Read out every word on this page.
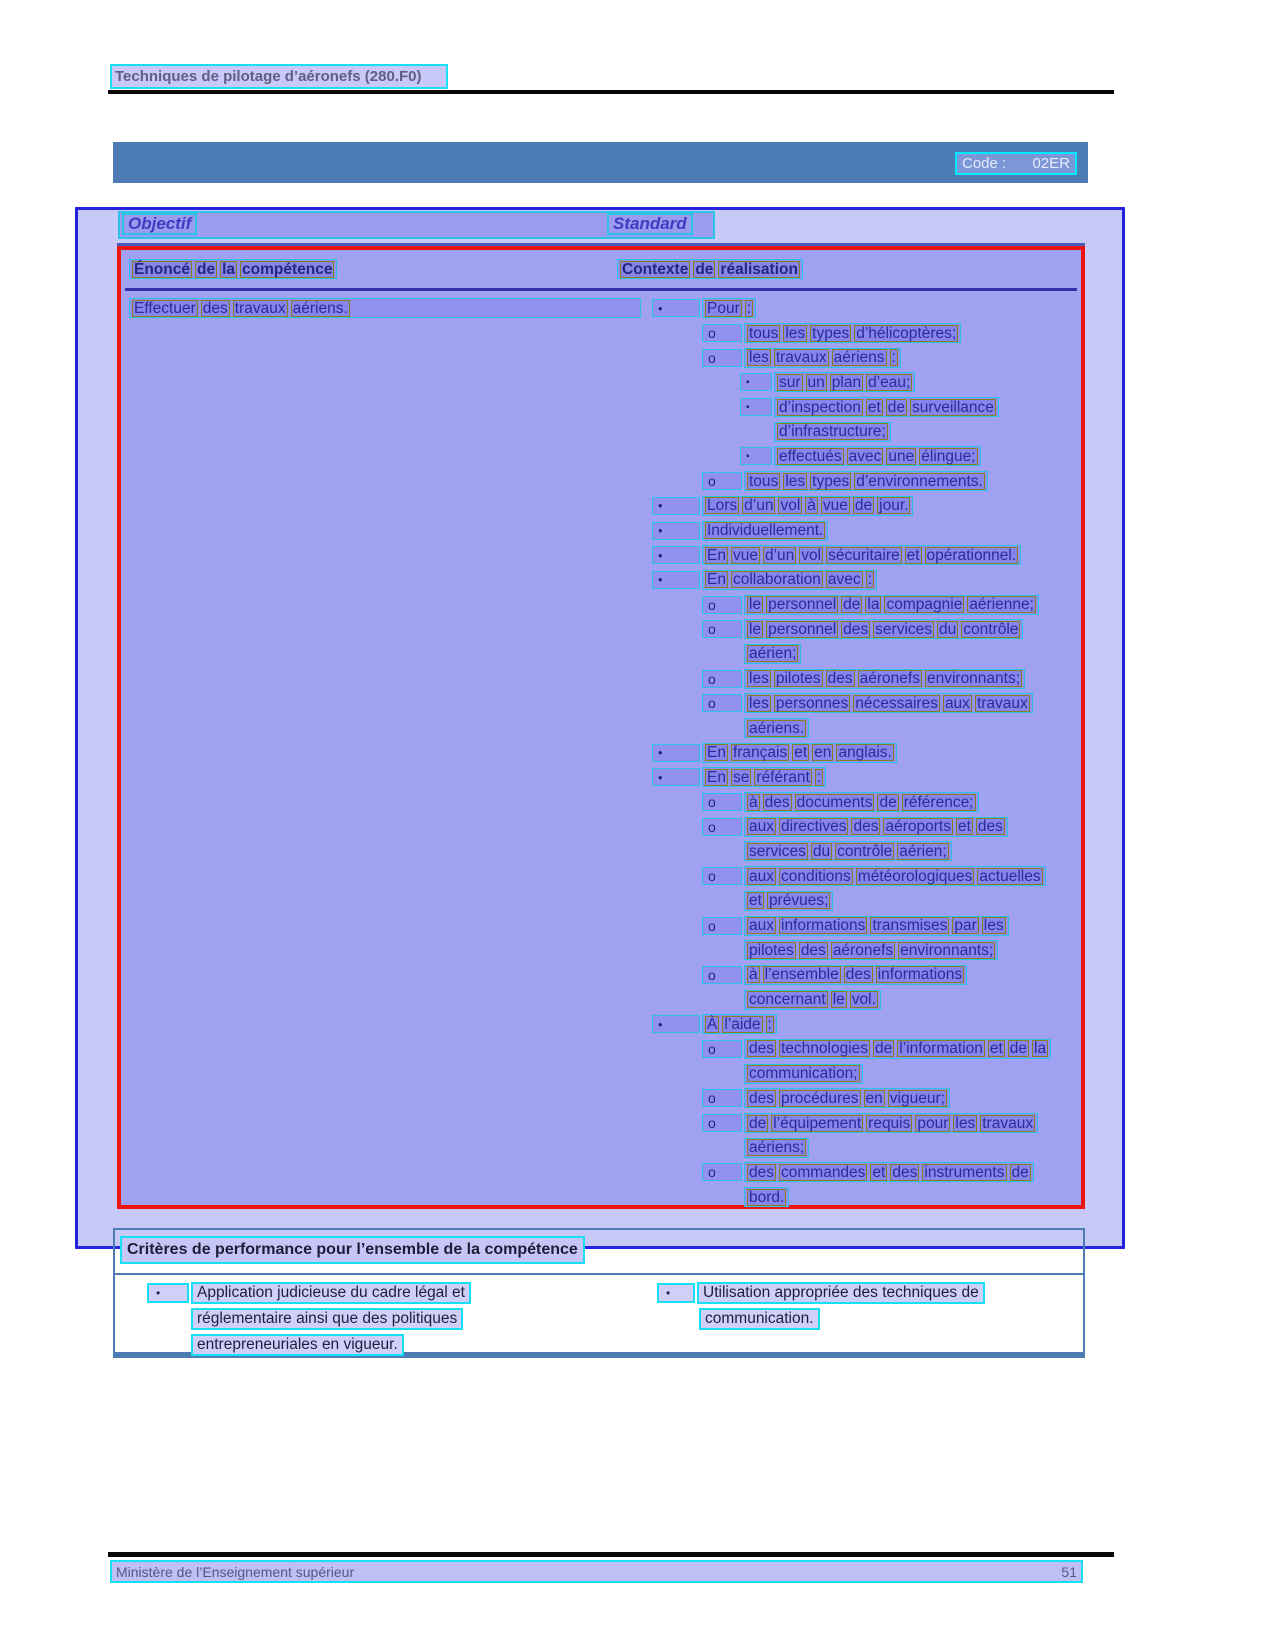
Techniques de pilotage d’aéronefs (280.F0)
Code : 02ER
Objectif	Standard
Énoncé de la compétence	Contexte de réalisation
Effectuer des travaux aériens.	•	Pour :
o	tous les types d’hélicoptères;
o	les travaux aériens :
▪	sur un plan d’eau;
▪	d’inspection et de surveillance
d’infrastructure;
▪	effectués avec une élingue;
o	tous les types d’environnements.
•	Lors d’un vol à vue de jour.
•	Individuellement.
•	En vue d’un vol sécuritaire et opérationnel.
•	En collaboration avec :
o	le personnel de la compagnie aérienne;
o	le personnel des services du contrôle
aérien;
o	les pilotes des aéronefs environnants;
o	les personnes nécessaires aux travaux
aériens.
•	En français et en anglais.
•	En se référant :
o	à des documents de référence;
o	aux directives des aéroports et des
services du contrôle aérien;
o	aux conditions météorologiques actuelles
et prévues;
o	aux informations transmises par les
pilotes des aéronefs environnants;
o	à l’ensemble des informations
concernant le vol.
•	À l’aide :
o	des technologies de l’information et de la
communication;
o	des procédures en vigueur;
o	de l’équipement requis pour les travaux
aériens;
o	des commandes et des instruments de
bord.
Critères de performance pour l’ensemble de la compétence
•	Application judicieuse du cadre légal et
réglementaire ainsi que des politiques
entrepreneuriales en vigueur.
•	Utilisation appropriée des techniques de
communication.
Ministère de l’Enseignement supérieur	51
